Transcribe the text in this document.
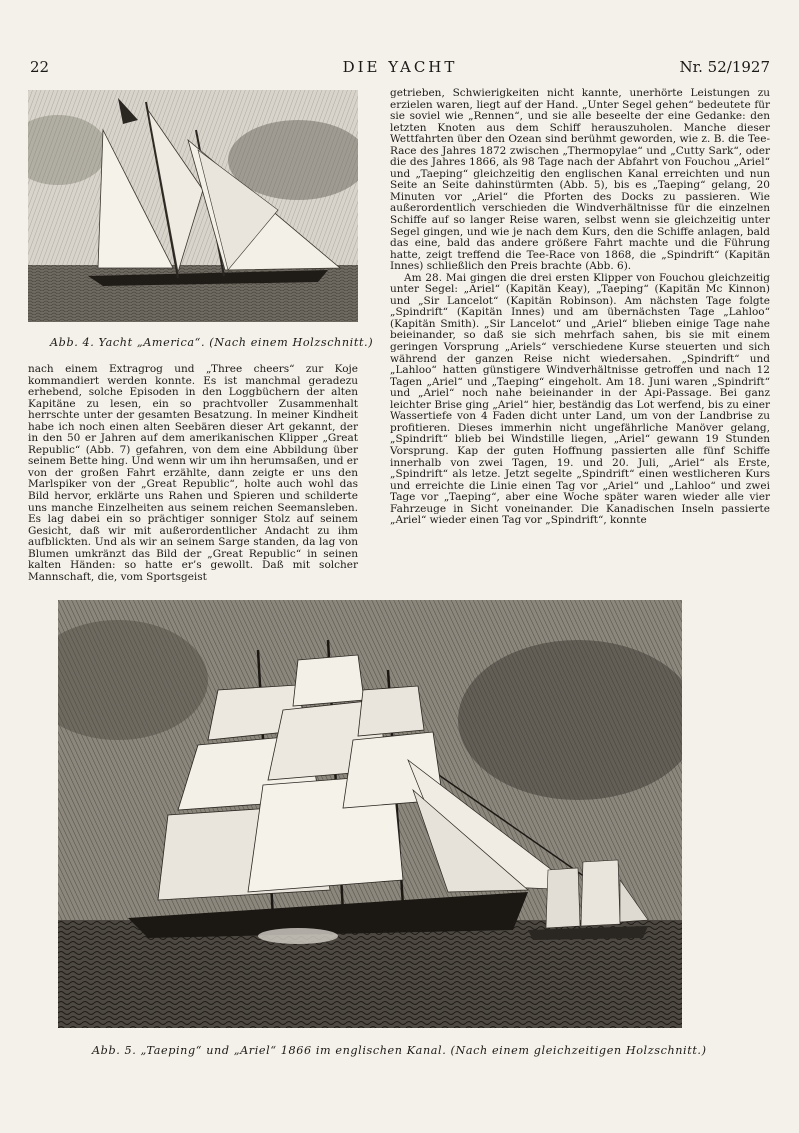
22	DIE YACHT	Nr. 52/1927
Abb. 4. Yacht „America“. (Nach einem Holzschnitt.)

nach einem Extragrog und „Three cheers“ zur Koje kommandiert werden konnte. Es ist manchmal geradezu erhebend, solche Episoden in den Loggbüchern der alten Kapitäne zu lesen, ein so prachtvoller Zusammenhalt herrschte unter der gesamten Besatzung. In meiner Kindheit habe ich noch einen alten Seebären dieser Art gekannt, der in den 50 er Jahren auf dem amerikanischen Klipper „Great Republic“ (Abb. 7) gefahren, von dem eine Abbildung über seinem Bette hing. Und wenn wir um ihn herumsaßen, und er von der großen Fahrt erzählte, dann zeigte er uns den Marlspiker von der „Great Republic“, holte auch wohl das Bild hervor, erklärte uns Rahen und Spieren und schilderte uns manche Einzelheiten aus seinem reichen Seemansleben. Es lag dabei ein so prächtiger sonniger Stolz auf seinem Gesicht, daß wir mit außerordentlicher Andacht zu ihm aufblickten. Und als wir an seinem Sarge standen, da lag von Blumen umkränzt das Bild der „Great Republic“ in seinen kalten Händen: so hatte er’s gewollt. Daß mit solcher Mannschaft, die, vom Sportsgeist

getrieben, Schwierigkeiten nicht kannte, unerhörte Leistungen zu erzielen waren, liegt auf der Hand. „Unter Segel gehen“ bedeutete für sie soviel wie „Rennen“, und sie alle beseelte der eine Gedanke: den letzten Knoten aus dem Schiff herauszuholen. Manche dieser Wettfahrten über den Ozean sind berühmt geworden, wie z. B. die Tee-Race des Jahres 1872 zwischen „Thermopylae“ und „Cutty Sark“, oder die des Jahres 1866, als 98 Tage nach der Abfahrt von Fouchou „Ariel“ und „Taeping“ gleichzeitig den englischen Kanal erreichten und nun Seite an Seite dahinstürmten (Abb. 5), bis es „Taeping“ gelang, 20 Minuten vor „Ariel“ die Pforten des Docks zu passieren. Wie außerordentlich verschieden die Windverhältnisse für die einzelnen Schiffe auf so langer Reise waren, selbst wenn sie gleichzeitig unter Segel gingen, und wie je nach dem Kurs, den die Schiffe anlagen, bald das eine, bald das andere größere Fahrt machte und die Führung hatte, zeigt treffend die Tee-Race von 1868, die „Spindrift“ (Kapitän Innes) schließlich den Preis brachte (Abb. 6).

Am 28. Mai gingen die drei ersten Klipper von Fouchou gleichzeitig unter Segel: „Ariel“ (Kapitän Keay), „Taeping“ (Kapitän Mc Kinnon) und „Sir Lancelot“ (Kapitän Robinson). Am nächsten Tage folgte „Spindrift“ (Kapitän Innes) und am übernächsten Tage „Lahloo“ (Kapitän Smith). „Sir Lancelot“ und „Ariel“ blieben einige Tage nahe beieinander, so daß sie sich mehrfach sahen, bis sie mit einem geringen Vorsprung „Ariels“ verschiedene Kurse steuerten und sich während der ganzen Reise nicht wiedersahen. „Spindrift“ und „Lahloo“ hatten günstigere Windverhältnisse getroffen und nach 12 Tagen „Ariel“ und „Taeping“ eingeholt. Am 18. Juni waren „Spindrift“ und „Ariel“ noch nahe beieinander in der Api-Passage. Bei ganz leichter Brise ging „Ariel“ hier, beständig das Lot werfend, bis zu einer Wassertiefe von 4 Faden dicht unter Land, um von der Landbrise zu profitieren. Dieses immerhin nicht ungefährliche Manöver gelang, „Spindrift“ blieb bei Windstille liegen, „Ariel“ gewann 19 Stunden Vorsprung. Kap der guten Hoffnung passierten alle fünf Schiffe innerhalb von zwei Tagen, 19. und 20. Juli, „Ariel“ als Erste, „Spindrift“ als letze. Jetzt segelte „Spindrift“ einen westlicheren Kurs und erreichte die Linie einen Tag vor „Ariel“ und „Lahloo“ und zwei Tage vor „Taeping“, aber eine Woche später waren wieder alle vier Fahrzeuge in Sicht voneinander. Die Kanadischen Inseln passierte „Ariel“ wieder einen Tag vor „Spindrift“, konnte

Abb. 5. „Taeping“ und „Ariel“ 1866 im englischen Kanal. (Nach einem gleichzeitigen Holzschnitt.)
